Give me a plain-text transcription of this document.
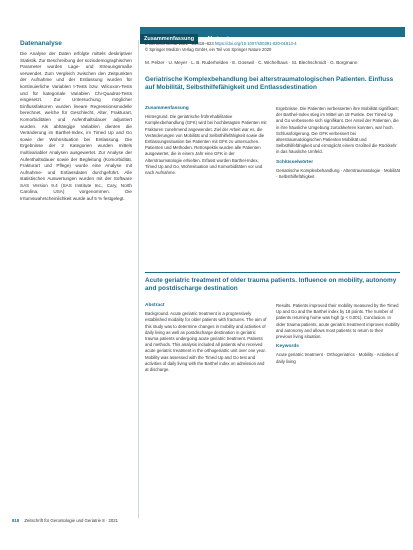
Datenanalyse

Die Analyse der Daten erfolgte mittels deskriptiver Statistik. Zur Beschreibung der soziodemographischen Parameter wurden Lage- und Streuungsmaße verwendet. Zum Vergleich zwischen den Zeitpunkten der Aufnahme und der Entlassung wurden für kontinuierliche Variablen t-Tests bzw. Wilcoxon-Tests und für kategoriale Variablen Chi-Quadrat-Tests eingesetzt. Zur Untersuchung möglicher Einflussfaktoren wurden lineare Regressionsmodelle berechnet, welche für Geschlecht, Alter, Frakturart, Komorbiditäten und Aufenthaltsdauer adjustiert wurden. Als abhängige Variablen dienten die Veränderung im Barthel-Index, im Timed Up and Go sowie der Wohnsituation bei Entlassung. Die Ergebnisse der 2 Kategorien wurden mittels multivariabler Analysen ausgewertet. Zur Analyse der Aufenthaltsdauer sowie der Begleitung (Komorbidität, Frakturart und Pflege) wurde eine Analyse mit Aufnahme- und Entlassdaten durchgeführt. Alle statistischen Auswertungen wurden mit der Software SAS Version 9.4 (SAS Institute Inc., Cary, North Carolina, USA) vorgenommen. Die Irrtumswahrscheinlichkeit wurde auf 5 % festgelegt.

Zusammenfassung Abstract
Z Gerontol Geriat 2021 · 54:816–823 https://doi.org/10.1007/s00391-020-01813-4
© Springer Medizin Verlag GmbH, ein Teil von Springer Nature 2020
M. Pelzer · U. Meyer · L. B. Ruderhelden · E. Gosswil · C. Wichelhaus · St. Blechschmidt · G. Borgmann
Geriatrische Komplexbehandlung bei alterstraumatologischen Patienten. Einfluss auf Mobilität, Selbsthilfefähigkeit und Entlassdestination
Zusammenfassung
Hintergrund. Die geriatrische frührehabilitative Komplexbehandlung (GFK) wird bei hochbetagten Patienten mit Frakturen zunehmend angewendet. Ziel der Arbeit war es, die Veränderungen von Mobilität und Selbsthilfefähigkeit sowie die Entlassungssituation bei Patienten mit GFK zu untersuchen. Patienten und Methoden. Retrospektiv wurden alle Patienten ausgewertet, die in einem Jahr eine GFK in der Alterstraumatologie erhielten. Erfasst wurden Barthel-Index, Timed Up and Go, Wohnsituation und Komorbiditäten vor und nach Aufnahme.
Ergebnisse. Die Patienten verbesserten ihre Mobilität signifikant; der Barthel-Index stieg im Mittel um 18 Punkte. Der Timed Up and Go verbesserte sich signifikant. Der Anteil der Patienten, die in ihre häusliche Umgebung zurückkehren konnten, war hoch. Schlussfolgerung. Die GFK verbessert bei alterstraumatologischen Patienten Mobilität und Selbsthilfefähigkeit und ermöglicht einem Großteil die Rückkehr in das häusliche Umfeld.
Schlüsselwörter
Geriatrische Komplexbehandlung · Alterstraumatologie · Mobilität · Selbsthilfefähigkeit
Acute geriatric treatment of older trauma patients. Influence on mobility, autonomy and postdischarge destination
Abstract
Background. Acute geriatric treatment is a progressively established modality for older patients with fractures. The aim of this study was to determine changes in mobility and activities of daily living as well as postdischarge destination in geriatric trauma patients undergoing acute geriatric treatment. Patients and methods. This analysis included all patients who received acute geriatric treatment in the orthogeriatric unit over one year. Mobility was assessed with the Timed Up and Go test and activities of daily living with the Barthel index on admission and at discharge.
Results. Patients improved their mobility measured by the Timed Up and Go and the Barthel index by 18 points. The number of patients returning home was high (p < 0.001). Conclusion. In older trauma patients, acute geriatric treatment improves mobility and autonomy and allows most patients to return to their previous living situation.
Keywords
Acute geriatric treatment · Orthogeriatrics · Mobility · Activities of daily living
818 Zeitschrift für Gerontologie und Geriatrie 8 · 2021
